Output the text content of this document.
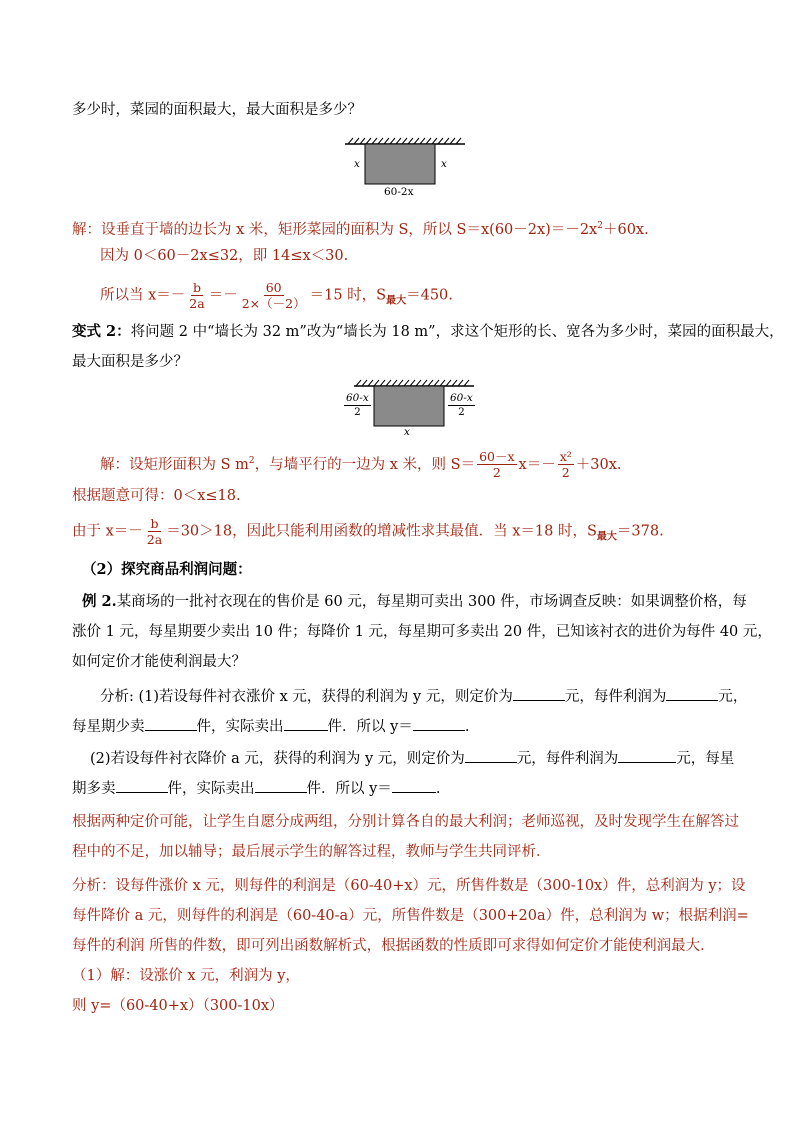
多少时，菜园的面积最大，最大面积是多少？
x	x
60-2x
解：设垂直于墙的边长为 x 米，矩形菜园的面积为 S，所以 $S=x(60-2x)=-2x^2+60x$.
因为 0＜60－2x≤32，即 14≤x＜30.
所以当 $x=- \frac{b}{2a} =- \frac{60}{2\times(-2)} =15$ 时，$S_{最大}=450$.
变式 2：将问题 2 中“墙长为 32 m”改为“墙长为 18 m”，求这个矩形的长、宽各为多少时，菜园的面积最大，
最大面积是多少？
$\frac{60-x}{2}$	$\frac{60-x}{2}$
x
解：设矩形面积为 S $m^2$，与墙平行的一边为 x 米，则 $S= \frac{60-x}{2} x=- \frac{\text{x²}}{2} +30x$.
根据题意可得：0＜x≤18.
由于 $x=- \frac{b}{2a} =30>18$，因此只能利用函数的增减性求其最值．当 x＝18 时，$S_{最大}=378$.
（2）探究商品利润问题：
例 2.某商场的一批衬衣现在的售价是 60 元，每星期可卖出 300 件，市场调查反映：如果调整价格，每
涨价 1 元，每星期要少卖出 10 件；每降价 1 元，每星期可多卖出 20 件，已知该衬衣的进价为每件 40 元，
如何定价才能使利润最大？
分析: (1)若设每件衬衣涨价 x 元，获得的利润为 y 元，则定价为	元，每件利润为	元，
每星期少卖	件，实际卖出	件．所以 y＝	.
(2)若设每件衬衣降价 a 元，获得的利润为 y 元，则定价为	元，每件利润为	元，每星
期多卖	件，实际卖出	件．所以 y＝	.
根据两种定价可能，让学生自愿分成两组，分别计算各自的最大利润；老师巡视，及时发现学生在解答过
程中的不足，加以辅导；最后展示学生的解答过程，教师与学生共同评析．
分析：设每件涨价 x 元，则每件的利润是（60-40+x）元，所售件数是（300-10x）件，总利润为 y；设
每件降价 a 元，则每件的利润是（60-40-a）元，所售件数是（300+20a）件，总利润为 w；根据利润=
每件的利润 所售的件数，即可列出函数解析式，根据函数的性质即可求得如何定价才能使利润最大．
（1）解：设涨价 x 元，利润为 y，
则 y=（60-40+x）（300-10x）
